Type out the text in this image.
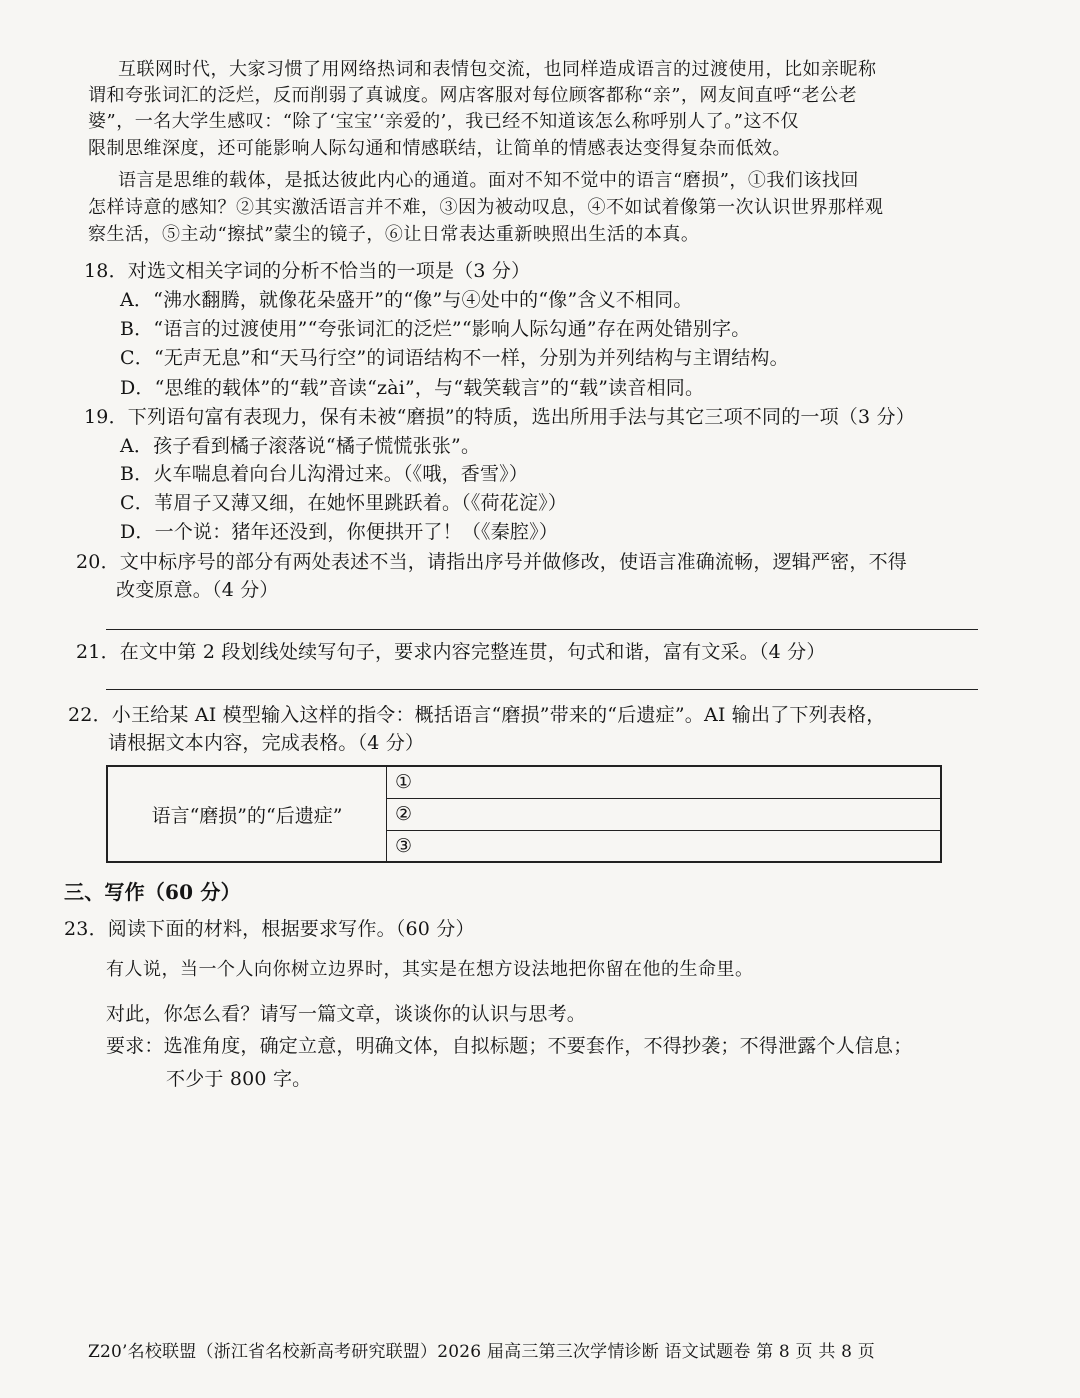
互联网时代，大家习惯了用网络热词和表情包交流，也同样造成语言的过渡使用，比如亲昵称
谓和夸张词汇的泛烂，反而削弱了真诚度。网店客服对每位顾客都称“亲”，网友间直呼“老公老
婆”，一名大学生感叹：“除了‘宝宝’‘亲爱的’，我已经不知道该怎么称呼别人了。”这不仅
限制思维深度，还可能影响人际勾通和情感联结，让简单的情感表达变得复杂而低效。
语言是思维的载体，是抵达彼此内心的通道。面对不知不觉中的语言“磨损”，①我们该找回
怎样诗意的感知？②其实激活语言并不难，③因为被动叹息，④不如试着像第一次认识世界那样观
察生活，⑤主动“擦拭”蒙尘的镜子，⑥让日常表达重新映照出生活的本真。
18．对选文相关字词的分析不恰当的一项是（3 分）
A．“沸水翻腾，就像花朵盛开”的“像”与④处中的“像”含义不相同。
B．“语言的过渡使用”“夸张词汇的泛烂”“影响人际勾通”存在两处错别字。
C．“无声无息”和“天马行空”的词语结构不一样，分别为并列结构与主谓结构。
D．“思维的载体”的“载”音读“zài”，与“载笑载言”的“载”读音相同。
19．下列语句富有表现力，保有未被“磨损”的特质，选出所用手法与其它三项不同的一项（3 分）
A．孩子看到橘子滚落说“橘子慌慌张张”。
B．火车喘息着向台儿沟滑过来。（《哦，香雪》）
C．苇眉子又薄又细，在她怀里跳跃着。（《荷花淀》）
D．一个说：猪年还没到，你便拱开了！（《秦腔》）
20．文中标序号的部分有两处表述不当，请指出序号并做修改，使语言准确流畅，逻辑严密，不得
改变原意。（4 分）
21．在文中第 2 段划线处续写句子，要求内容完整连贯，句式和谐，富有文采。（4 分）
22．小王给某 AI 模型输入这样的指令：概括语言“磨损”带来的“后遗症”。AI 输出了下列表格，
请根据文本内容，完成表格。（4 分）
语言“磨损”的“后遗症”	①
②
③
三、写作（60 分）
23．阅读下面的材料，根据要求写作。（60 分）
有人说，当一个人向你树立边界时，其实是在想方设法地把你留在他的生命里。
对此，你怎么看？请写一篇文章，谈谈你的认识与思考。
要求：选准角度，确定立意，明确文体，自拟标题；不要套作，不得抄袭；不得泄露个人信息；
不少于 800 字。
Z20’名校联盟（浙江省名校新高考研究联盟）2026 届高三第三次学情诊断 语文试题卷 第 8 页 共 8 页
